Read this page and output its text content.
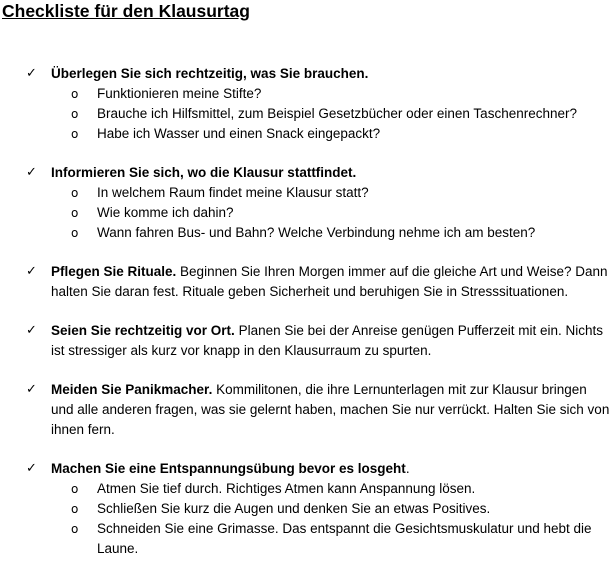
Checkliste für den Klausurtag
✓ Überlegen Sie sich rechtzeitig, was Sie brauchen.
o Funktionieren meine Stifte?
o Brauche ich Hilfsmittel, zum Beispiel Gesetzbücher oder einen Taschenrechner?
o Habe ich Wasser und einen Snack eingepackt?
✓ Informieren Sie sich, wo die Klausur stattfindet.
o In welchem Raum findet meine Klausur statt?
o Wie komme ich dahin?
o Wann fahren Bus- und Bahn? Welche Verbindung nehme ich am besten?
✓ Pflegen Sie Rituale. Beginnen Sie Ihren Morgen immer auf die gleiche Art und Weise? Dann halten Sie daran fest. Rituale geben Sicherheit und beruhigen Sie in Stresssituationen.
✓ Seien Sie rechtzeitig vor Ort. Planen Sie bei der Anreise genügen Pufferzeit mit ein. Nichts ist stressiger als kurz vor knapp in den Klausurraum zu spurten.
✓ Meiden Sie Panikmacher. Kommilitonen, die ihre Lernunterlagen mit zur Klausur bringen und alle anderen fragen, was sie gelernt haben, machen Sie nur verrückt. Halten Sie sich von ihnen fern.
✓ Machen Sie eine Entspannungsübung bevor es losgeht.
o Atmen Sie tief durch. Richtiges Atmen kann Anspannung lösen.
o Schließen Sie kurz die Augen und denken Sie an etwas Positives.
o Schneiden Sie eine Grimasse. Das entspannt die Gesichtsmuskulatur und hebt die Laune.
